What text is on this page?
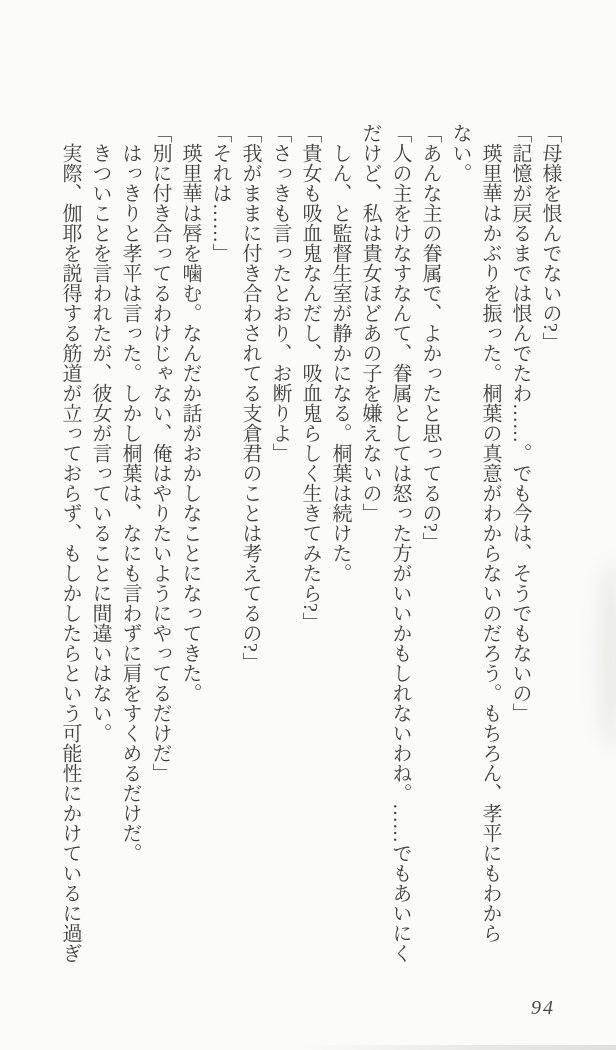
「母様を恨んでないの?」

「記憶が戻るまでは恨んでたわ……。でも今は、そうでもないの」

瑛里華はかぶりを振った。桐葉の真意がわからないのだろう。もちろん、孝平にもわから

ない。

「あんな主の眷属で、よかったと思ってるの?」

「人の主をけなすなんて、眷属としては怒った方がいいかもしれないわね。……でもあいにく

だけど、私は貴女ほどあの子を嫌えないの」

しん、と監督生室が静かになる。桐葉は続けた。

「貴女も吸血鬼なんだし、吸血鬼らしく生きてみたら?」

「さっきも言ったとおり、お断りよ」

「我がままに付き合わされてる支倉君のことは考えてるの?」

「それは……」

瑛里華は唇を噛む。なんだか話がおかしなことになってきた。

「別に付き合ってるわけじゃない、俺はやりたいようにやってるだけだ」

はっきりと孝平は言った。しかし桐葉は、なにも言わずに肩をすくめるだけだ。

きついことを言われたが、彼女が言っていることに間違いはない。

実際、伽耶を説得する筋道が立っておらず、もしかしたらという可能性にかけているに過ぎ

94
